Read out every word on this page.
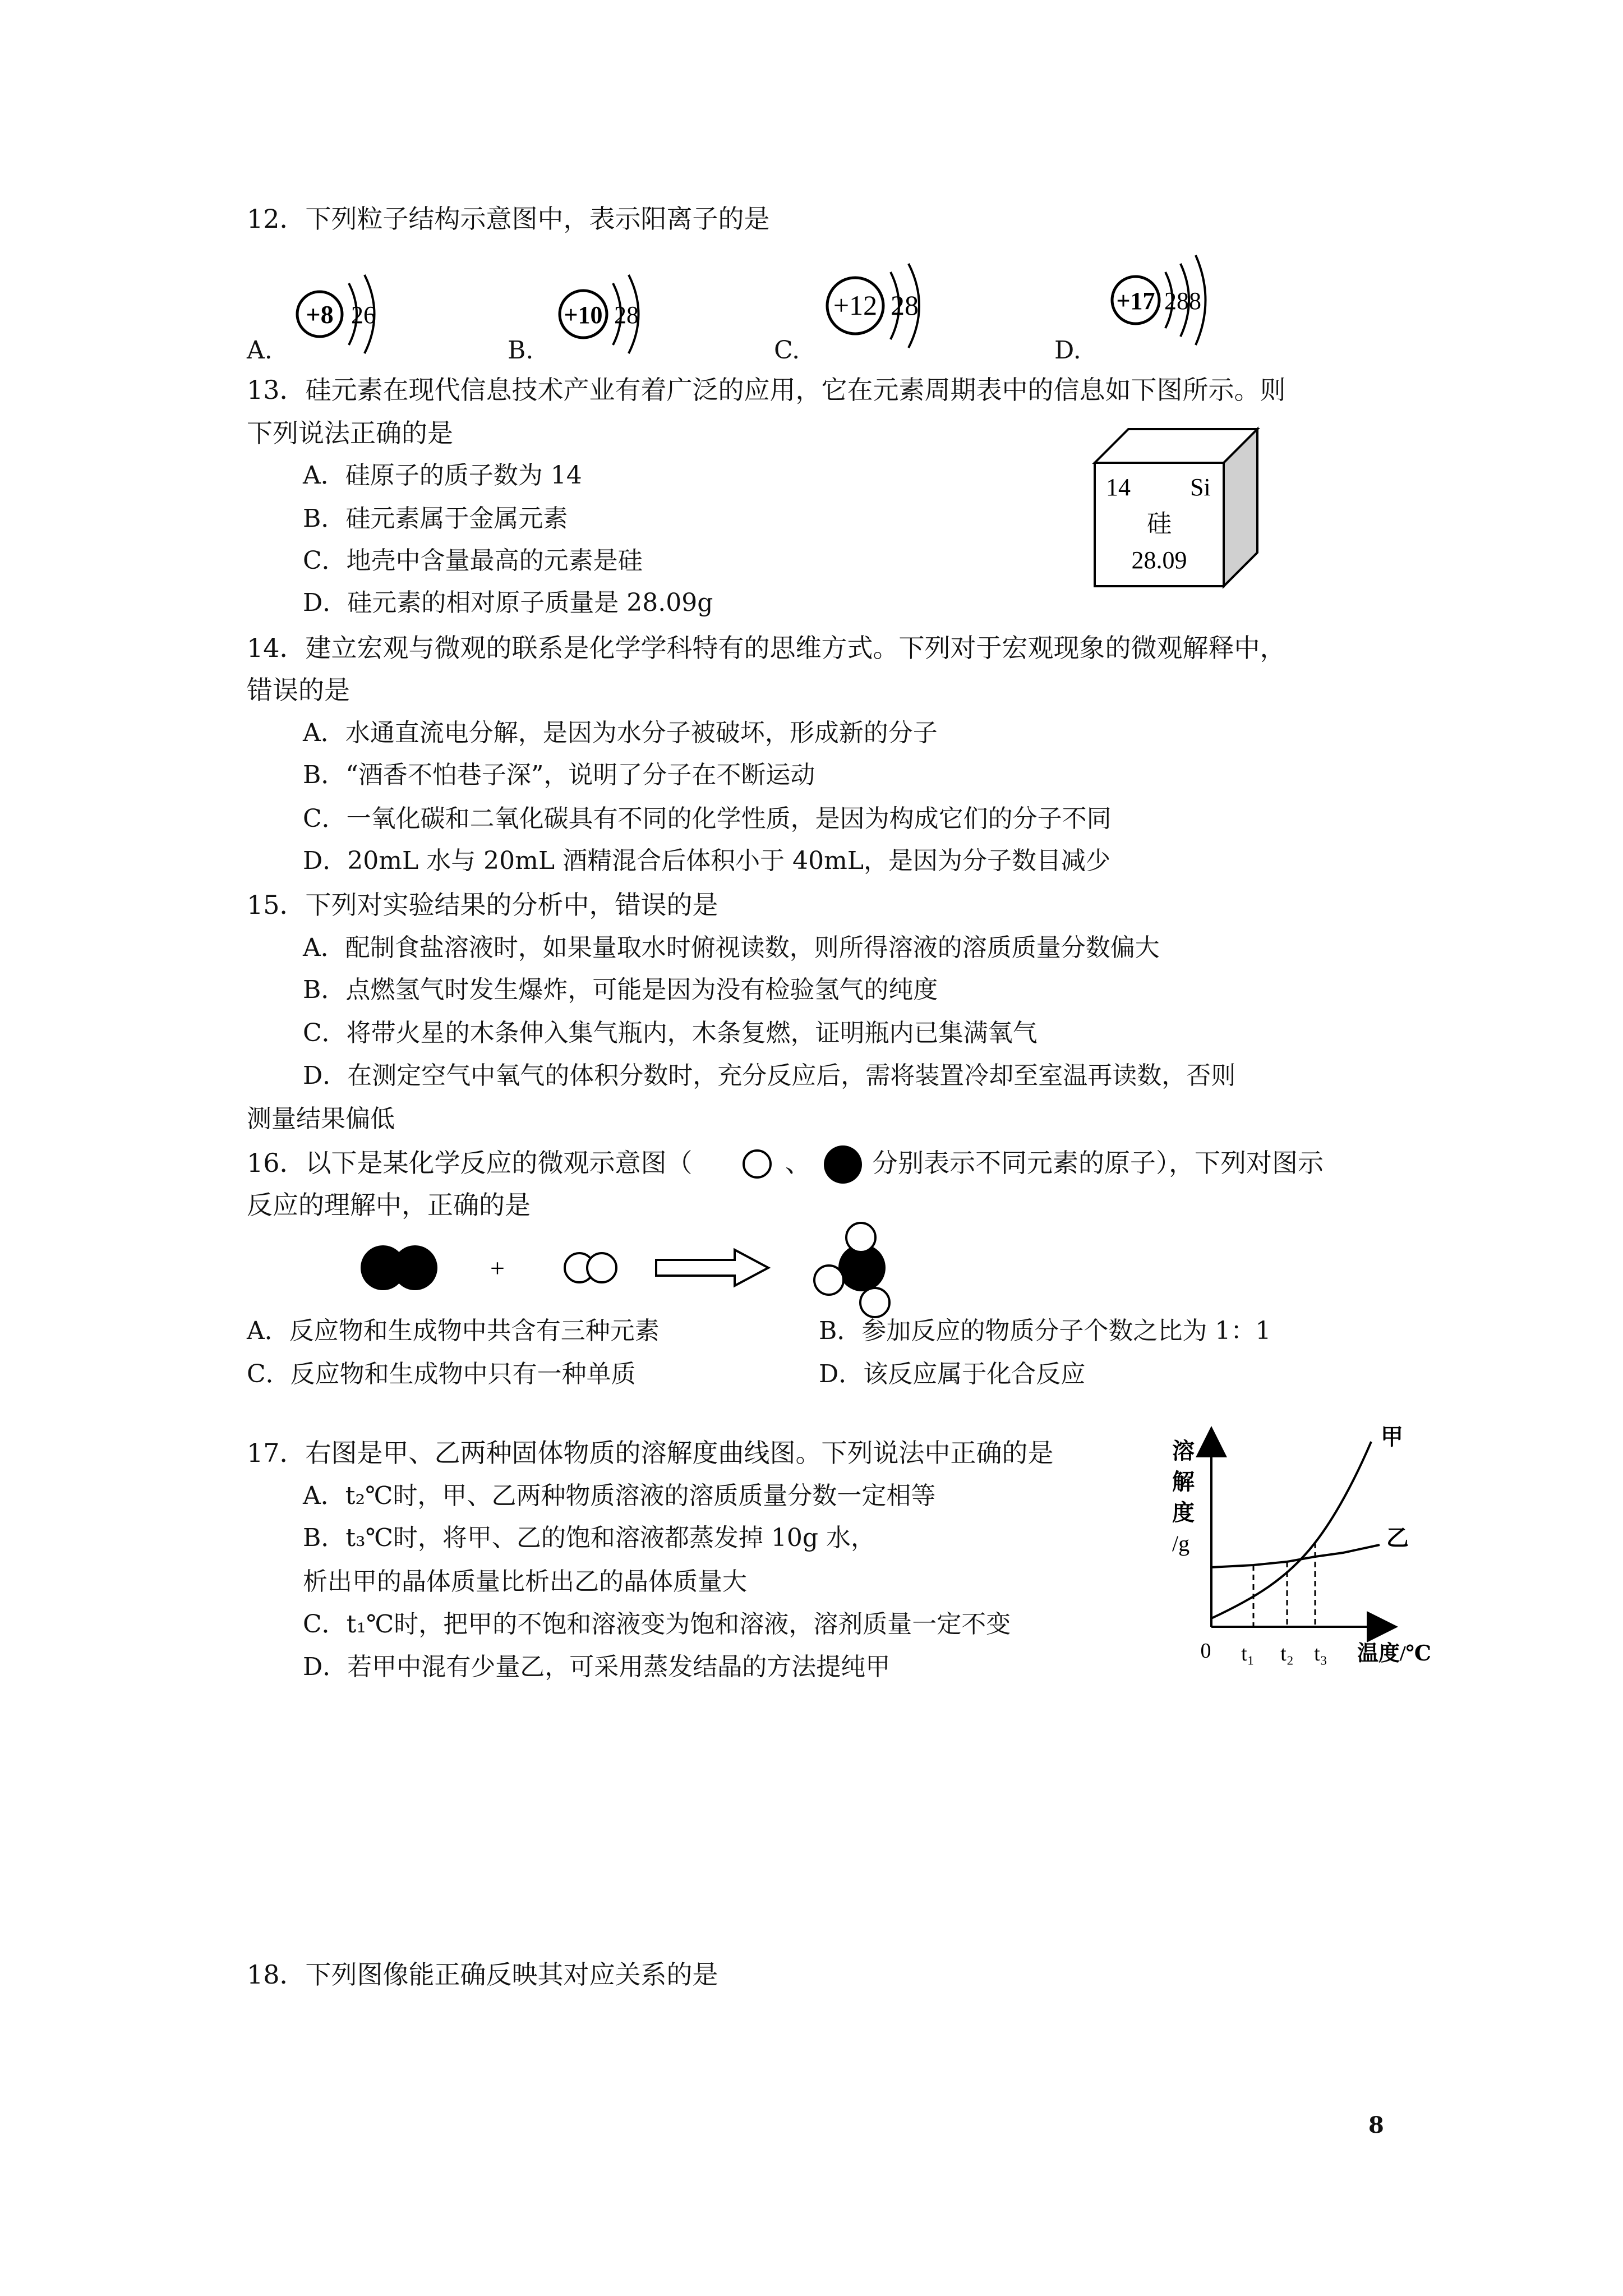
12．下列粒子结构示意图中，表示阳离子的是
A.
+8 26
B.
+10 28
C.
+12 28
D.
+17 288
13．硅元素在现代信息技术产业有着广泛的应用，它在元素周期表中的信息如下图所示。则
下列说法正确的是
A．硅原子的质子数为 14
B．硅元素属于金属元素
C．地壳中含量最高的元素是硅
D．硅元素的相对原子质量是 28.09g
14 Si
硅
28.09
14．建立宏观与微观的联系是化学学科特有的思维方式。下列对于宏观现象的微观解释中，
错误的是
A．水通直流电分解，是因为水分子被破坏，形成新的分子
B．“酒香不怕巷子深”，说明了分子在不断运动
C．一氧化碳和二氧化碳具有不同的化学性质，是因为构成它们的分子不同
D．20mL 水与 20mL 酒精混合后体积小于 40mL，是因为分子数目减少
15．下列对实验结果的分析中，错误的是
A．配制食盐溶液时，如果量取水时俯视读数，则所得溶液的溶质质量分数偏大
B．点燃氢气时发生爆炸，可能是因为没有检验氢气的纯度
C．将带火星的木条伸入集气瓶内，木条复燃，证明瓶内已集满氧气
D．在测定空气中氧气的体积分数时，充分反应后，需将装置冷却至室温再读数，否则
测量结果偏低
16．以下是某化学反应的微观示意图（	、 分别表示不同元素的原子），下列对图示
反应的理解中，正确的是
+
A．反应物和生成物中共含有三种元素	B．参加反应的物质分子个数之比为 1：1
C．反应物和生成物中只有一种单质	D．该反应属于化合反应
17．右图是甲、乙两种固体物质的溶解度曲线图。下列说法中正确的是
A．t₂℃时，甲、乙两种物质溶液的溶质质量分数一定相等
B．t₃℃时，将甲、乙的饱和溶液都蒸发掉 10g 水，
析出甲的晶体质量比析出乙的晶体质量大
C．t₁℃时，把甲的不饱和溶液变为饱和溶液，溶剂质量一定不变
D．若甲中混有少量乙，可采用蒸发结晶的方法提纯甲
溶
解
度
/g
甲
乙
0 t₁ t₂ t₃ 温度/℃
18．下列图像能正确反映其对应关系的是
8
